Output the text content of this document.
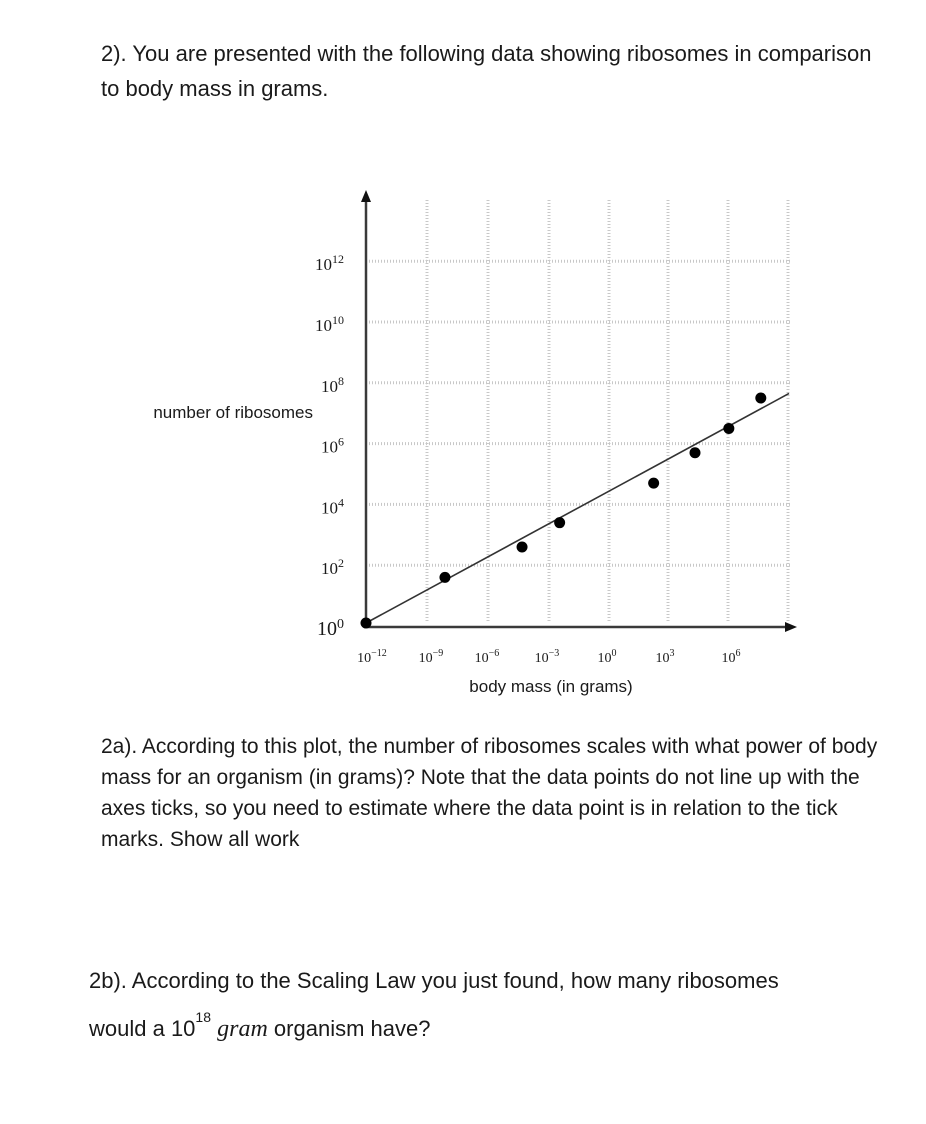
2). You are presented with the following data showing ribosomes in comparison to body mass in grams.
$10^0$
$10^2$
$10^4$
$10^6$
$10^8$
$10^{10}$
$10^{12}$
$10^{-12}$ $10^{-9}$ $10^{-6}$	$10^{-3}$	$10^0$	$10^3$	$10^6$
number of ribosomes
body mass (in grams)
2a). According to this plot, the number of ribosomes scales with what power of body mass for an organism (in grams)? Note that the data points do not line up with the axes ticks, so you need to estimate where the data point is in relation to the tick marks. Show all work
2b). According to the Scaling Law you just found, how many ribosomes
would a $10^{18}$ gram organism have?
